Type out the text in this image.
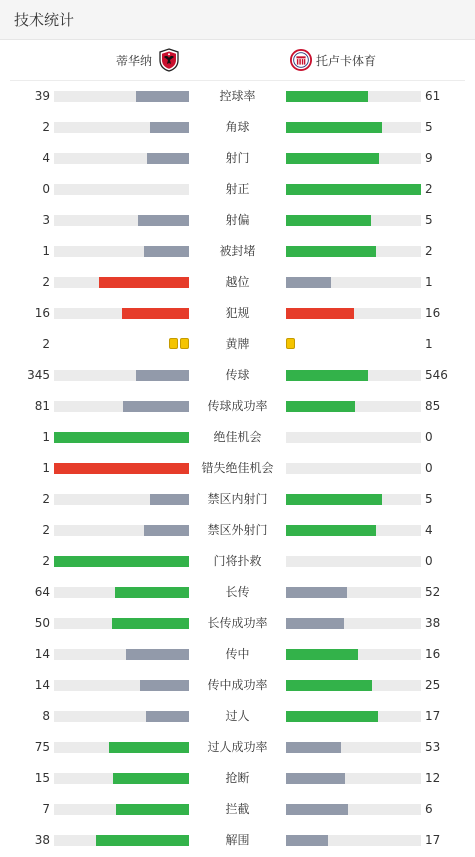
技术统计
蒂华纳	托卢卡体育
39	控球率	61
2	角球	5
4	射门	9
0	射正	2
3	射偏	5
1	被封堵	2
2	越位	1
16	犯规	16
2	黄牌	1
345	传球	546
81	传球成功率	85
1	绝佳机会	0
1	错失绝佳机会	0
2	禁区内射门	5
2	禁区外射门	4
2	门将扑救	0
64	长传	52
50	长传成功率	38
14	传中	16
14	传中成功率	25
8	过人	17
75	过人成功率	53
15	抢断	12
7	拦截	6
38	解围	17
